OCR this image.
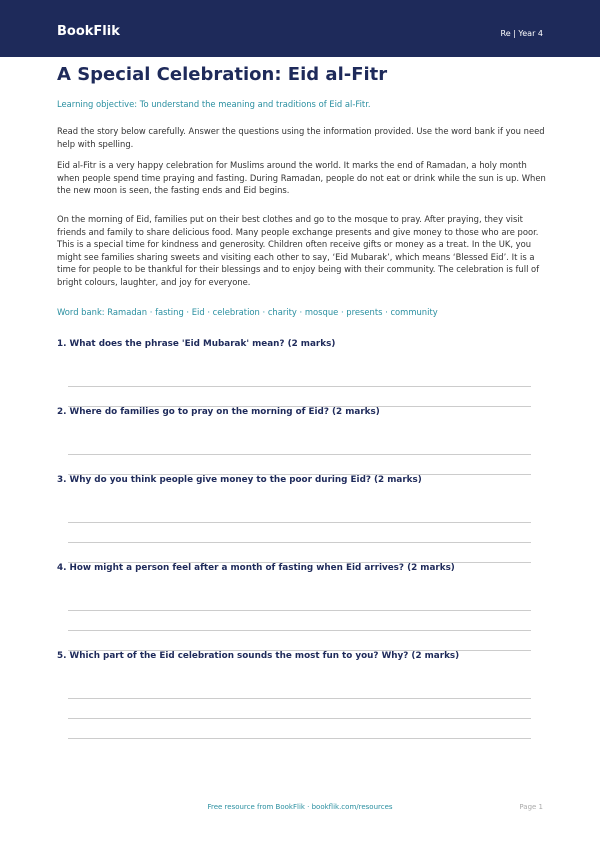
BookFlik	Re | Year 4
A Special Celebration: Eid al-Fitr
Learning objective: To understand the meaning and traditions of Eid al-Fitr.
Read the story below carefully. Answer the questions using the information provided. Use the word bank if you need help with spelling.
Eid al-Fitr is a very happy celebration for Muslims around the world. It marks the end of Ramadan, a holy month when people spend time praying and fasting. During Ramadan, people do not eat or drink while the sun is up. When the new moon is seen, the fasting ends and Eid begins.
On the morning of Eid, families put on their best clothes and go to the mosque to pray. After praying, they visit friends and family to share delicious food. Many people exchange presents and give money to those who are poor. This is a special time for kindness and generosity. Children often receive gifts or money as a treat. In the UK, you might see families sharing sweets and visiting each other to say, ‘Eid Mubarak’, which means ‘Blessed Eid’. It is a time for people to be thankful for their blessings and to enjoy being with their community. The celebration is full of bright colours, laughter, and joy for everyone.
Word bank: Ramadan · fasting · Eid · celebration · charity · mosque · presents · community
1. What does the phrase 'Eid Mubarak' mean? (2 marks)
2. Where do families go to pray on the morning of Eid? (2 marks)
3. Why do you think people give money to the poor during Eid? (2 marks)
4. How might a person feel after a month of fasting when Eid arrives? (2 marks)
5. Which part of the Eid celebration sounds the most fun to you? Why? (2 marks)
Free resource from BookFlik · bookflik.com/resources	Page 1
